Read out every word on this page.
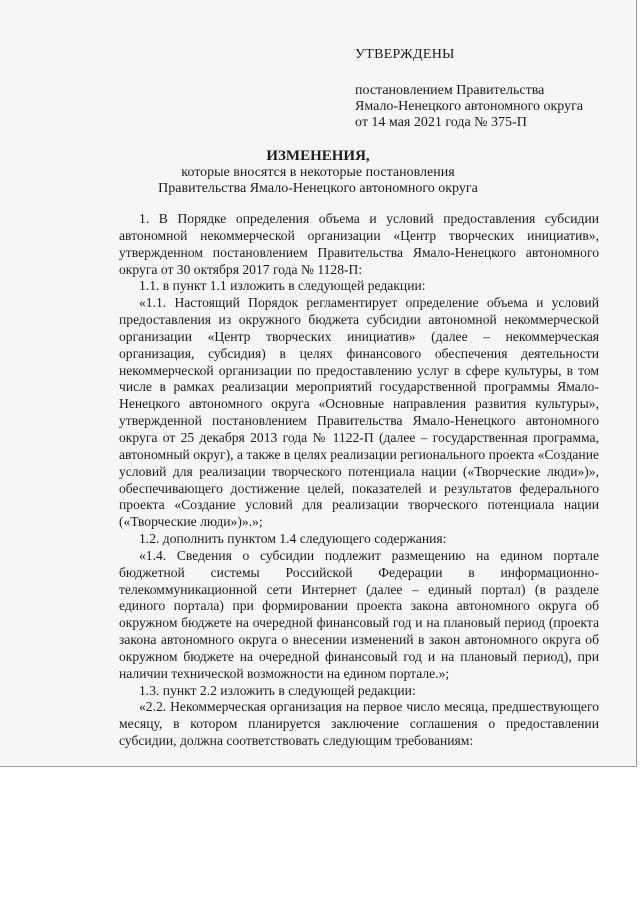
УТВЕРЖДЕНЫ
постановлением Правительства
Ямало-Ненецкого автономного округа
от 14 мая 2021 года № 375-П
ИЗМЕНЕНИЯ,
которые вносятся в некоторые постановления
Правительства Ямало-Ненецкого автономного округа

1. В Порядке определения объема и условий предоставления субсидии автономной некоммерческой организации «Центр творческих инициатив», утвержденном постановлением Правительства Ямало-Ненецкого автономного округа от 30 октября 2017 года № 1128-П:

1.1. в пункт 1.1 изложить в следующей редакции:

«1.1. Настоящий Порядок регламентирует определение объема и условий предоставления из окружного бюджета субсидии автономной некоммерческой организации «Центр творческих инициатив» (далее – некоммерческая организация, субсидия) в целях финансового обеспечения деятельности некоммерческой организации по предоставлению услуг в сфере культуры, в том числе в рамках реализации мероприятий государственной программы Ямало-Ненецкого автономного округа «Основные направления развития культуры», утвержденной постановлением Правительства Ямало-Ненецкого автономного округа от 25 декабря 2013 года № 1122-П (далее – государственная программа, автономный округ), а также в целях реализации регионального проекта «Создание условий для реализации творческого потенциала нации («Творческие люди»)», обеспечивающего достижение целей, показателей и результатов федерального проекта «Создание условий для реализации творческого потенциала нации («Творческие люди»)».»;

1.2. дополнить пунктом 1.4 следующего содержания:

«1.4. Сведения о субсидии подлежит размещению на едином портале бюджетной системы Российской Федерации в информационно-телекоммуникационной сети Интернет (далее – единый портал) (в разделе единого портала) при формировании проекта закона автономного округа об окружном бюджете на очередной финансовый год и на плановый период (проекта закона автономного округа о внесении изменений в закон автономного округа об окружном бюджете на очередной финансовый год и на плановый период), при наличии технической возможности на едином портале.»;

1.3. пункт 2.2 изложить в следующей редакции:

«2.2. Некоммерческая организация на первое число месяца, предшествующего месяцу, в котором планируется заключение соглашения о предоставлении субсидии, должна соответствовать следующим требованиям:
